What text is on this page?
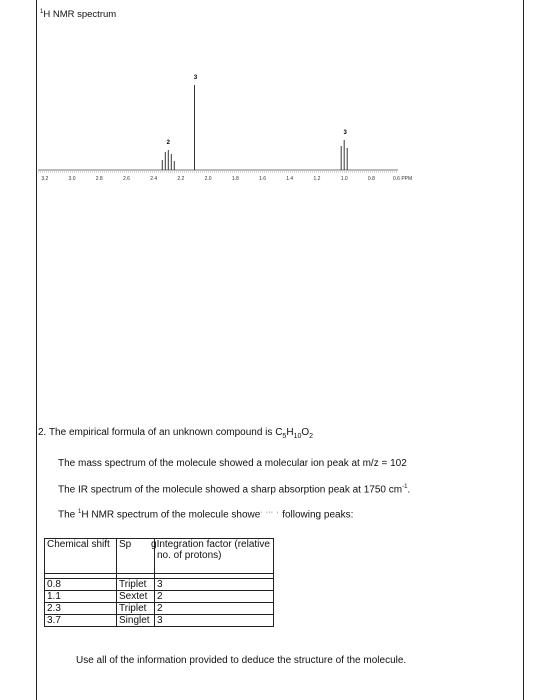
$^1$H NMR spectrum
2
3
3
3.2	3.0	2.8	2.6	2.4	2.2	2.0	1.8	1.6	1.4	1.2	1.0	0.8	0.6 PPM
2. The empirical formula of an unknown compound is $C_5H_{10}O_2$
The mass spectrum of the molecule showed a molecular ion peak at m/z = 102
The IR spectrum of the molecule showed a sharp absorption peak at 1750 $cm^{-1}$.
The $^1$H NMR spectrum of the molecule showe' ''' ' following peaks:
Chemical shift	Sp	gIntegration factor (relative no. of protons)

0.8	Triplet	3
1.1	Sextet	2
2.3	Triplet	2
3.7	Singlet	3
Use all of the information provided to deduce the structure of the molecule.
